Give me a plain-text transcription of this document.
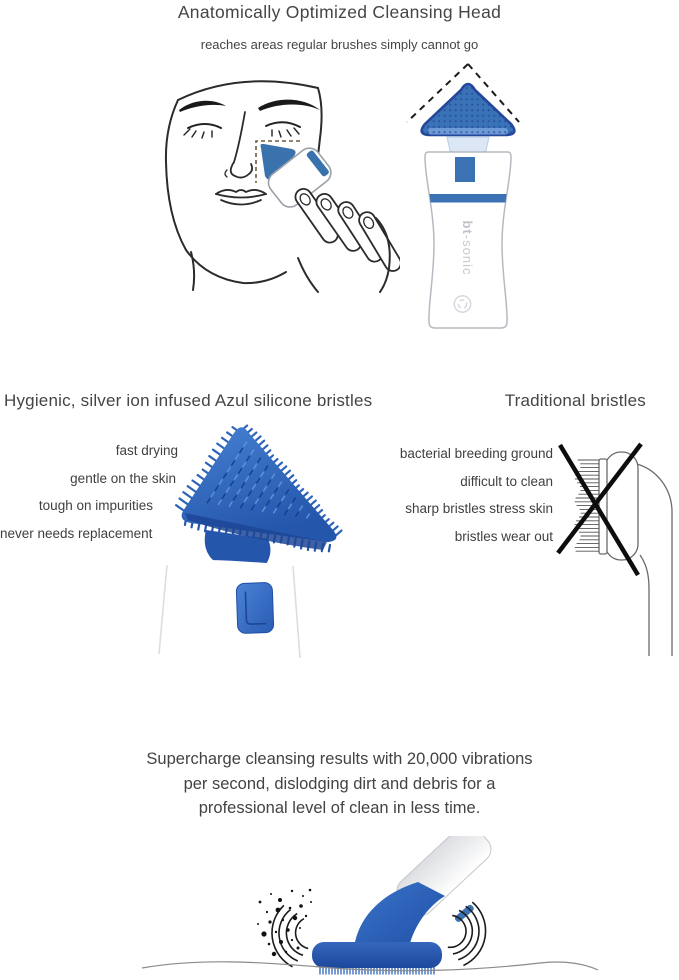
Anatomically Optimized Cleansing Head
reaches areas regular brushes simply cannot go
bt-sonic
Hygienic, silver ion infused Azul silicone bristles	Traditional bristles
fast drying
gentle on the skin
tough on impurities
never needs replacement
bacterial breeding ground
difficult to clean
sharp bristles stress skin
bristles wear out
Supercharge cleansing results with 20,000 vibrations
per second, dislodging dirt and debris for a
professional level of clean in less time.
